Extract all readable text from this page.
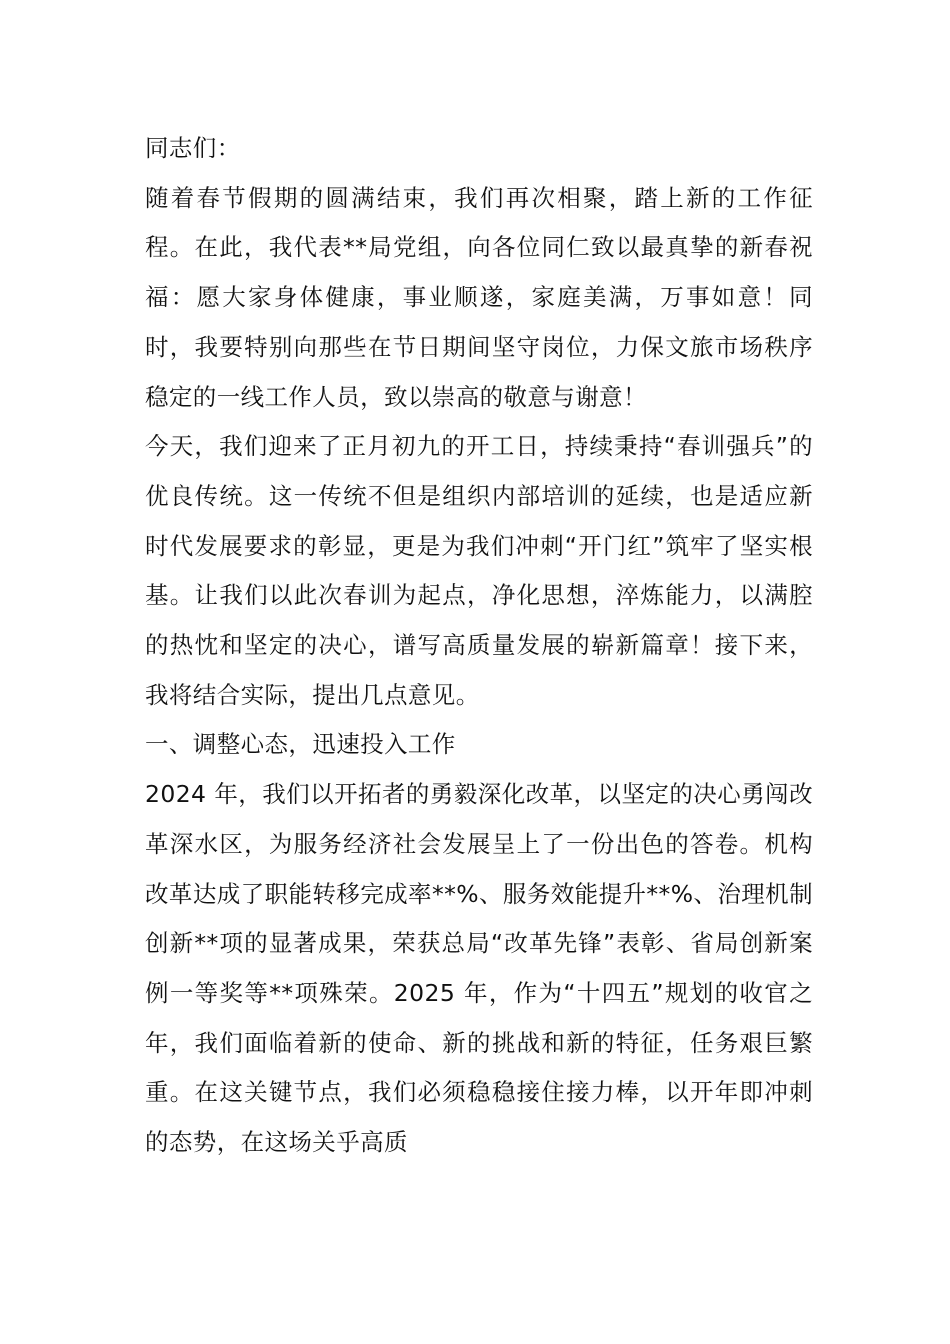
同志们：

随着春节假期的圆满结束，我们再次相聚，踏上新的工作征程。在此，我代表**局党组，向各位同仁致以最真挚的新春祝福：愿大家身体健康，事业顺遂，家庭美满，万事如意！同时，我要特别向那些在节日期间坚守岗位，力保文旅市场秩序稳定的一线工作人员，致以崇高的敬意与谢意！

今天，我们迎来了正月初九的开工日，持续秉持“春训强兵”的优良传统。这一传统不但是组织内部培训的延续，也是适应新时代发展要求的彰显，更是为我们冲刺“开门红”筑牢了坚实根基。让我们以此次春训为起点，净化思想，淬炼能力，以满腔的热忱和坚定的决心，谱写高质量发展的崭新篇章！接下来，我将结合实际，提出几点意见。

一、调整心态，迅速投入工作

2024 年，我们以开拓者的勇毅深化改革，以坚定的决心勇闯改革深水区，为服务经济社会发展呈上了一份出色的答卷。机构改革达成了职能转移完成率**%、服务效能提升**%、治理机制创新**项的显著成果，荣获总局“改革先锋”表彰、省局创新案例一等奖等**项殊荣。2025 年，作为“十四五”规划的收官之年，我们面临着新的使命、新的挑战和新的特征，任务艰巨繁重。在这关键节点，我们必须稳稳接住接力棒，以开年即冲刺的态势，在这场关乎高质
